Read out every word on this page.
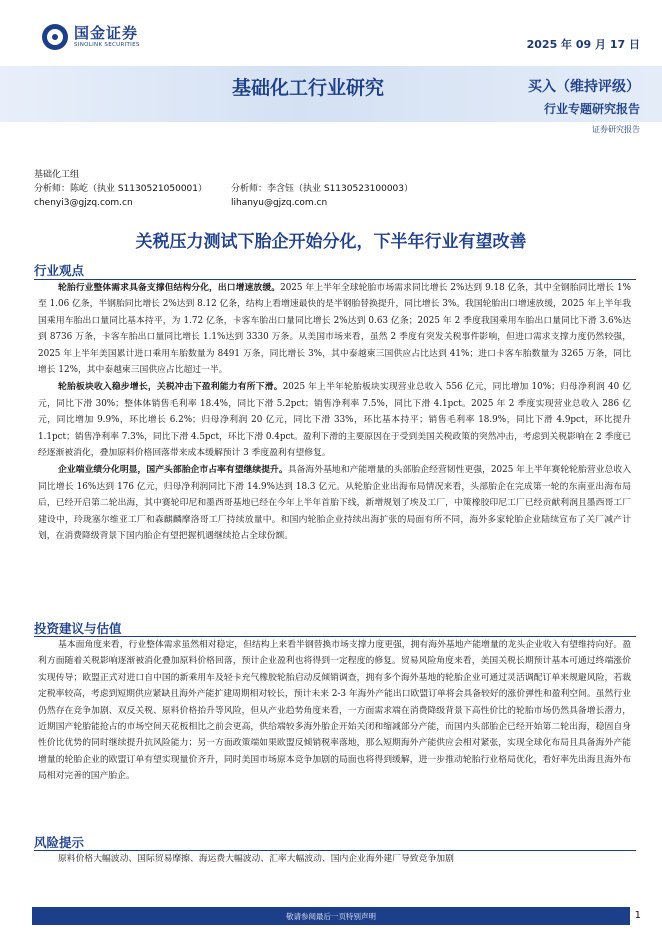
国金证券
SINOLINK SECURITIES	2025 年 09 月 17 日
基础化工行业研究	买入（维持评级）
行业专题研究报告
证券研究报告
基础化工组
分析师：陈屹（执业 S1130521050001）	分析师：李含钰（执业 S1130523100003）
chenyi3@gjzq.com.cn	lihanyu@gjzq.com.cn
关税压力测试下胎企开始分化，下半年行业有望改善
行业观点

轮胎行业整体需求具备支撑但结构分化，出口增速放缓。2025 年上半年全球轮胎市场需求同比增长 2%达到 9.18 亿条，其中全钢胎同比增长 1%至 1.06 亿条，半钢胎同比增长 2%达到 8.12 亿条，结构上看增速最快的是半钢胎替换提升，同比增长 3%。我国轮胎出口增速放缓，2025 年上半年我国乘用车胎出口量同比基本持平，为 1.72 亿条，卡客车胎出口量同比增长 2%达到 0.63 亿条；2025 年 2 季度我国乘用车胎出口量同比下滑 3.6%达到 8736 万条，卡客车胎出口量同比增长 1.1%达到 3330 万条。从美国市场来看，虽然 2 季度有突发关税事件影响，但进口需求支撑力度仍然较强，2025 年上半年美国累计进口乘用车胎数量为 8491 万条，同比增长 3%，其中泰越柬三国供应占比达到 41%；进口卡客车胎数量为 3265 万条，同比增长 12%，其中泰越柬三国供应占比超过一半。

轮胎板块收入稳步增长，关税冲击下盈利能力有所下滑。2025 年上半年轮胎板块实现营业总收入 556 亿元，同比增加 10%；归母净利润 40 亿元，同比下滑 30%；整体体销售毛利率 18.4%，同比下滑 5.2pct；销售净利率 7.5%，同比下滑 4.1pct。2025 年 2 季度实现营业总收入 286 亿元，同比增加 9.9%，环比增长 6.2%；归母净利润 20 亿元，同比下滑 33%，环比基本持平；销售毛利率 18.9%，同比下滑 4.9pct，环比提升 1.1pct；销售净利率 7.3%，同比下滑 4.5pct，环比下滑 0.4pct。盈利下滑的主要原因在于受到美国关税政策的突然冲击，考虑到关税影响在 2 季度已经逐渐被消化，叠加原料价格回落带来成本缓解预计 3 季度盈利有望修复。

企业端业绩分化明显，国产头部胎企市占率有望继续提升。具备海外基地和产能增量的头部胎企经营韧性更强，2025 年上半年赛轮轮胎营业总收入同比增长 16%达到 176 亿元，归母净利润同比下滑 14.9%达到 18.3 亿元。从轮胎企业出海布局情况来看，头部胎企在完成第一轮的东南亚出海布局后，已经开启第二轮出海，其中赛轮印尼和墨西哥基地已经在今年上半年首胎下线，新增规划了埃及工厂，中策橡胶印尼工厂已经贡献利润且墨西哥工厂建设中，玲珑塞尔维亚工厂和森麒麟摩洛哥工厂持续放量中。和国内轮胎企业持续出海扩张的局面有所不同，海外多家轮胎企业陆续宣布了关厂减产计划，在消费降级背景下国内胎企有望把握机遇继续抢占全球份额。

投资建议与估值

基本面角度来看，行业整体需求虽然相对稳定，但结构上来看半钢替换市场支撑力度更强，拥有海外基地产能增量的龙头企业收入有望维持向好。盈利方面随着关税影响逐渐被消化叠加原料价格回落，预计企业盈利也将得到一定程度的修复。贸易风险角度来看，美国关税长期预计基本可通过终端涨价实现传导；欧盟正式对进口自中国的新乘用车及轻卡充气橡胶轮胎启动反倾销调查，拥有多个海外基地的轮胎企业可通过灵活调配订单来规避风险，若裁定税率较高，考虑到短期供应紧缺且海外产能扩建周期相对较长，预计未来 2-3 年海外产能出口欧盟订单将会具备较好的涨价弹性和盈利空间。虽然行业仍然存在竞争加剧、双反关税、原料价格抬升等风险，但从产业趋势角度来看，一方面需求端在消费降级背景下高性价比的轮胎市场仍然具备增长潜力，近期国产轮胎能抢占的市场空间天花板相比之前会更高，供给端较多海外胎企开始关闭和缩减部分产能，而国内头部胎企已经开始第二轮出海，稳固自身性价比优势的同时继续提升抗风险能力；另一方面政策端如果欧盟反倾销税率落地，那么短期海外产能供应会相对紧张，实现全球化布局且具备海外产能增量的轮胎企业的欧盟订单有望实现量价齐升，同时美国市场原本竞争加剧的局面也将得到缓解，进一步推动轮胎行业格局优化，看好率先出海且海外布局相对完善的国产胎企。

风险提示

原料价格大幅波动、国际贸易摩擦、海运费大幅波动、汇率大幅波动、国内企业海外建厂导致竞争加剧

敬请参阅最后一页特别声明	1
